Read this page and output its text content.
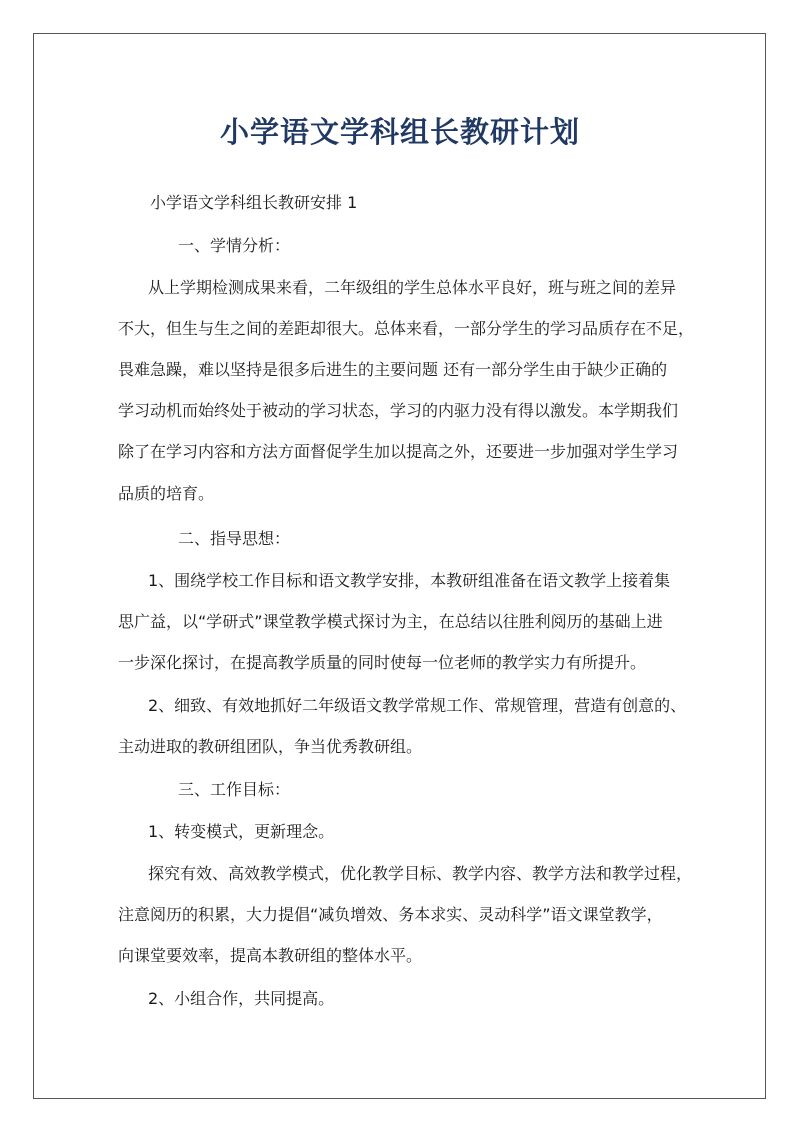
小学语文学科组长教研计划

小学语文学科组长教研安排 1

一、学情分析：

从上学期检测成果来看，二年级组的学生总体水平良好，班与班之间的差异

不大，但生与生之间的差距却很大。总体来看，一部分学生的学习品质存在不足，

畏难急躁，难以坚持是很多后进生的主要问题 还有一部分学生由于缺少正确的

学习动机而始终处于被动的学习状态，学习的内驱力没有得以激发。本学期我们

除了在学习内容和方法方面督促学生加以提高之外，还要进一步加强对学生学习

品质的培育。

二、指导思想：

1、围绕学校工作目标和语文教学安排，本教研组准备在语文教学上接着集

思广益，以“学研式”课堂教学模式探讨为主，在总结以往胜利阅历的基础上进

一步深化探讨，在提高教学质量的同时使每一位老师的教学实力有所提升。

2、细致、有效地抓好二年级语文教学常规工作、常规管理，营造有创意的、

主动进取的教研组团队，争当优秀教研组。

三、工作目标：

1、转变模式，更新理念。

探究有效、高效教学模式，优化教学目标、教学内容、教学方法和教学过程，

注意阅历的积累，大力提倡“减负增效、务本求实、灵动科学”语文课堂教学，

向课堂要效率，提高本教研组的整体水平。

2、小组合作，共同提高。
